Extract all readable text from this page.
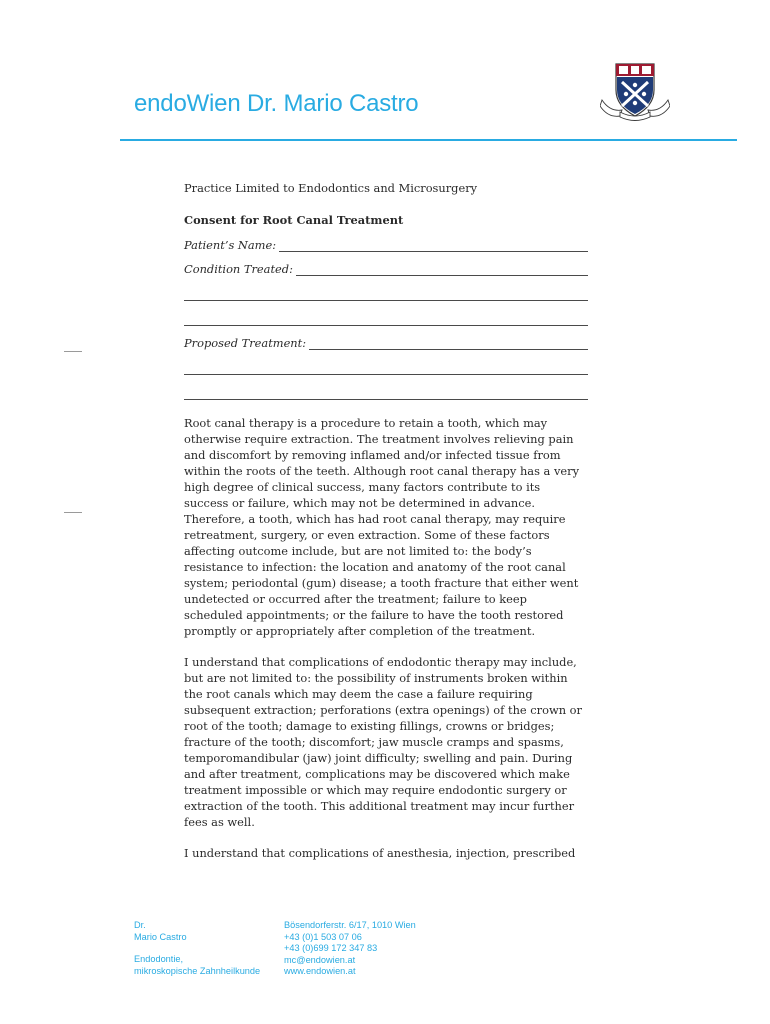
endoWien Dr. Mario Castro

Practice Limited to Endodontics and Microsurgery

Consent for Root Canal Treatment

Patient’s Name:
Condition Treated:
Proposed Treatment:

Root canal therapy is a procedure to retain a tooth, which may otherwise require extraction. The treatment involves relieving pain and discomfort by removing inflamed and/or infected tissue from within the roots of the teeth. Although root canal therapy has a very high degree of clinical success, many factors contribute to its success or failure, which may not be determined in advance. Therefore, a tooth, which has had root canal therapy, may require retreatment, surgery, or even extraction. Some of these factors affecting outcome include, but are not limited to: the body’s resistance to infection: the location and anatomy of the root canal system; periodontal (gum) disease; a tooth fracture that either went undetected or occurred after the treatment; failure to keep scheduled appointments; or the failure to have the tooth restored promptly or appropriately after completion of the treatment.

I understand that complications of endodontic therapy may include, but are not limited to: the possibility of instruments broken within the root canals which may deem the case a failure requiring subsequent extraction; perforations (extra openings) of the crown or root of the tooth; damage to existing fillings, crowns or bridges; fracture of the tooth; discomfort; jaw muscle cramps and spasms, temporomandibular (jaw) joint difficulty; swelling and pain. During and after treatment, complications may be discovered which make treatment impossible or which may require endodontic surgery or extraction of the tooth. This additional treatment may incur further fees as well.

I understand that complications of anesthesia, injection, prescribed

Dr.
Mario Castro
Endodontie,
mikroskopische Zahnheilkunde
Bösendorferstr. 6/17, 1010 Wien
+43 (0)1 503 07 06
+43 (0)699 172 347 83
mc@endowien.at
www.endowien.at
